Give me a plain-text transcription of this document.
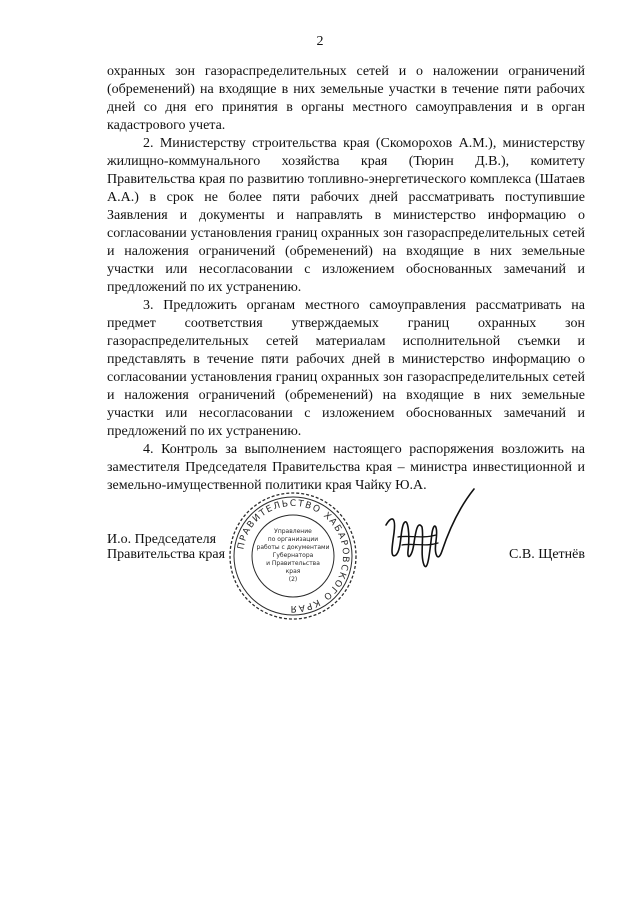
2

охранных зон газораспределительных сетей и о наложении ограничений (обременений) на входящие в них земельные участки в течение пяти рабочих дней со дня его принятия в органы местного самоуправления и в орган кадастрового учета.

2. Министерству строительства края (Скоморохов А.М.), министерству жилищно-коммунального хозяйства края (Тюрин Д.В.), комитету Правительства края по развитию топливно-энергетического комплекса (Шатаев А.А.) в срок не более пяти рабочих дней рассматривать поступившие Заявления и документы и направлять в министерство информацию о согласовании установления границ охранных зон газораспределительных сетей и наложения ограничений (обременений) на входящие в них земельные участки или несогласовании с изложением обоснованных замечаний и предложений по их устранению.

3. Предложить органам местного самоуправления рассматривать на предмет соответствия утверждаемых границ охранных зон газораспределительных сетей материалам исполнительной съемки и представлять в течение пяти рабочих дней в министерство информацию о согласовании установления границ охранных зон газораспределительных сетей и наложения ограничений (обременений) на входящие в них земельные участки или несогласовании с изложением обоснованных замечаний и предложений по их устранению.

4. Контроль за выполнением настоящего распоряжения возложить на заместителя Председателя Правительства края – министра инвестиционной и земельно-имущественной политики края Чайку Ю.А.

И.о. Председателя
Правительства края	С.В. Щетнёв
ПРАВИТЕЛЬСТВО ХАБАРОВСКОГО КРАЯ
Управление
по организации
работы с документами
Губернатора
и Правительства
края
(2)
